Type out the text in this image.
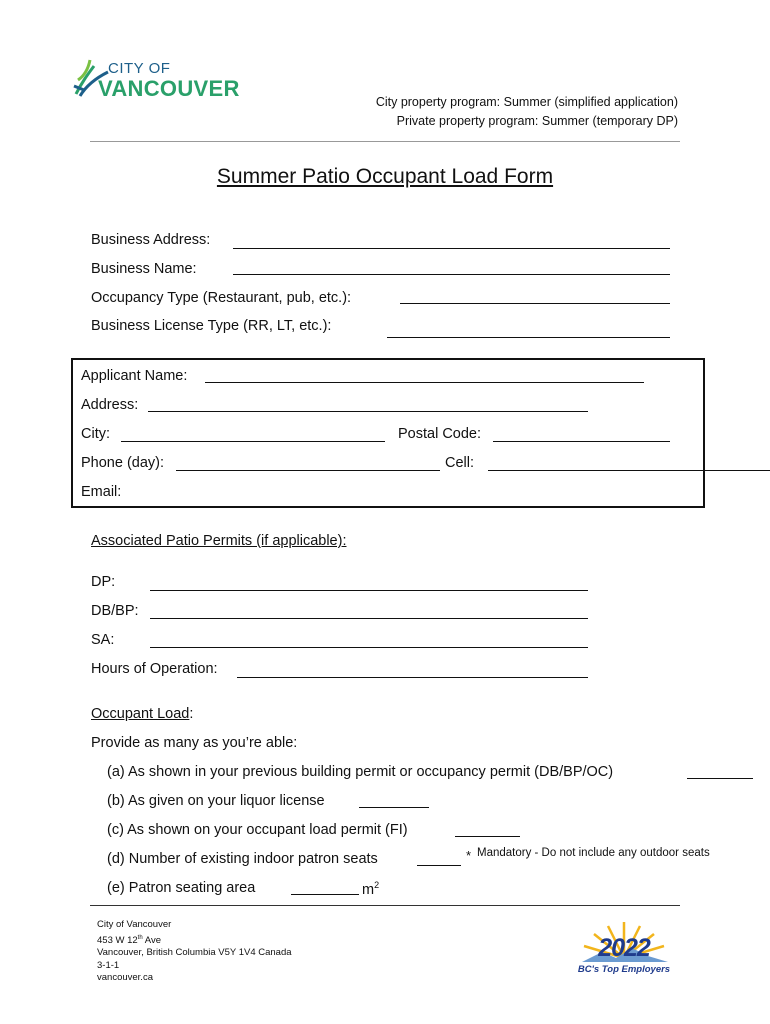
CITY OF
VANCOUVER
City property program: Summer (simplified application)
Private property program: Summer (temporary DP)
Summer Patio Occupant Load Form
Business Address:
Business Name:
Occupancy Type (Restaurant, pub, etc.):
Business License Type (RR, LT, etc.):
Applicant Name:
Address:
City:	Postal Code:
Phone (day):	Cell:
Email:
Associated Patio Permits (if applicable):
DP:
DB/BP:
SA:
Hours of Operation:
Occupant Load:
Provide as many as you’re able:
(a) As shown in your previous building permit or occupancy permit (DB/BP/OC)
(b) As given on your liquor license
(c) As shown on your occupant load permit (FI)
(d) Number of existing indoor patron seats	* Mandatory - Do not include any outdoor seats
(e) Patron seating area	$m^2$
City of Vancouver
453 W 12th Ave
Vancouver, British Columbia V5Y 1V4 Canada
3-1-1
vancouver.ca
2022
BC's Top Employers
